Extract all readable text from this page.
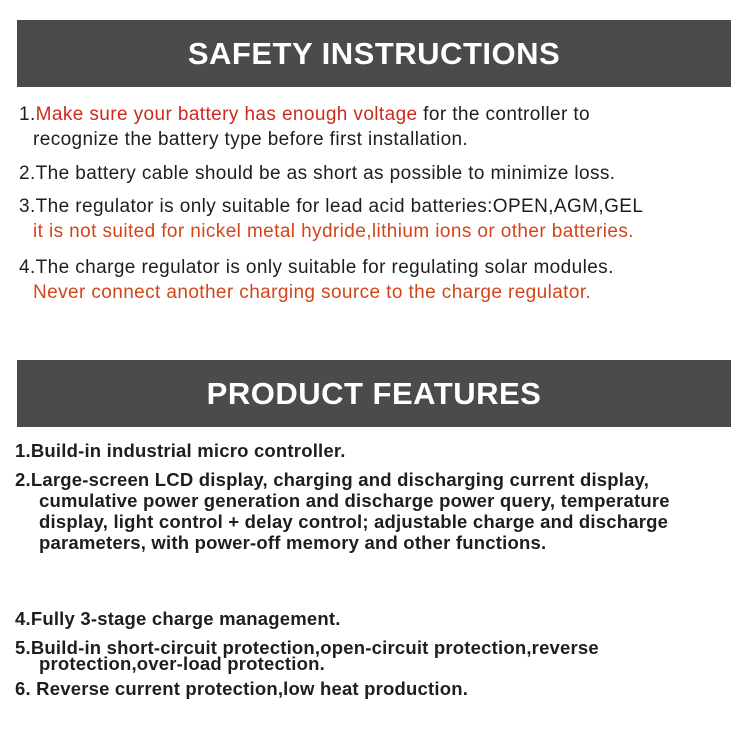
SAFETY INSTRUCTIONS
1.Make sure your battery has enough voltage for the controller to
recognize the battery type before first installation.
2.The battery cable should be as short as possible to minimize loss.
3.The regulator is only suitable for lead acid batteries:OPEN,AGM,GEL
it is not suited for nickel metal hydride,lithium ions or other batteries.
4.The charge regulator is only suitable for regulating solar modules.
Never connect another charging source to the charge regulator.
PRODUCT FEATURES
1.Build-in industrial micro controller.
2.Large-screen LCD display, charging and discharging current display,
cumulative power generation and discharge power query, temperature
display, light control + delay control; adjustable charge and discharge
parameters, with power-off memory and other functions.
4.Fully 3-stage charge management.
5.Build-in short-circuit protection,open-circuit protection,reverse
protection,over-load protection.
6. Reverse current protection,low heat production.
